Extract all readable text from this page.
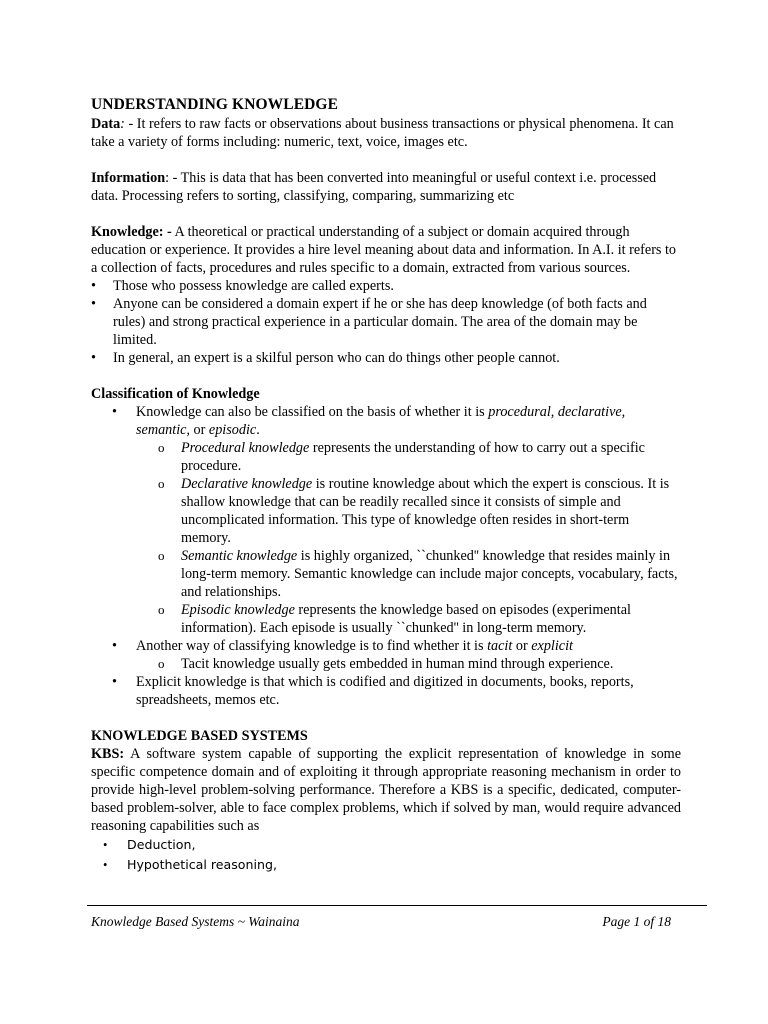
UNDERSTANDING KNOWLEDGE

Data: - It refers to raw facts or observations about business transactions or physical phenomena. It can take a variety of forms including: numeric, text, voice, images etc.

Information: - This is data that has been converted into meaningful or useful context i.e. processed data. Processing refers to sorting, classifying, comparing, summarizing etc

Knowledge: - A theoretical or practical understanding of a subject or domain acquired through education or experience. It provides a hire level meaning about data and information. In A.I. it refers to a collection of facts, procedures and rules specific to a domain, extracted from various sources.

• Those who possess knowledge are called experts.
• Anyone can be considered a domain expert if he or she has deep knowledge (of both facts and rules) and strong practical experience in a particular domain. The area of the domain may be limited.
• In general, an expert is a skilful person who can do things other people cannot.

Classification of Knowledge

• Knowledge can also be classified on the basis of whether it is procedural, declarative, semantic, or episodic.
o Procedural knowledge represents the understanding of how to carry out a specific procedure.
o Declarative knowledge is routine knowledge about which the expert is conscious. It is shallow knowledge that can be readily recalled since it consists of simple and uncomplicated information. This type of knowledge often resides in short-term memory.
o Semantic knowledge is highly organized, ``chunked'' knowledge that resides mainly in long-term memory. Semantic knowledge can include major concepts, vocabulary, facts, and relationships.
o Episodic knowledge represents the knowledge based on episodes (experimental information). Each episode is usually ``chunked'' in long-term memory.
• Another way of classifying knowledge is to find whether it is tacit or explicit
o Tacit knowledge usually gets embedded in human mind through experience.
• Explicit knowledge is that which is codified and digitized in documents, books, reports, spreadsheets, memos etc.

KNOWLEDGE BASED SYSTEMS

KBS: A software system capable of supporting the explicit representation of knowledge in some specific competence domain and of exploiting it through appropriate reasoning mechanism in order to provide high-level problem-solving performance. Therefore a KBS is a specific, dedicated, computer-based problem-solver, able to face complex problems, which if solved by man, would require advanced reasoning capabilities such as

• Deduction,
• Hypothetical reasoning,
Knowledge Based Systems ~ Wainaina	Page 1 of 18
